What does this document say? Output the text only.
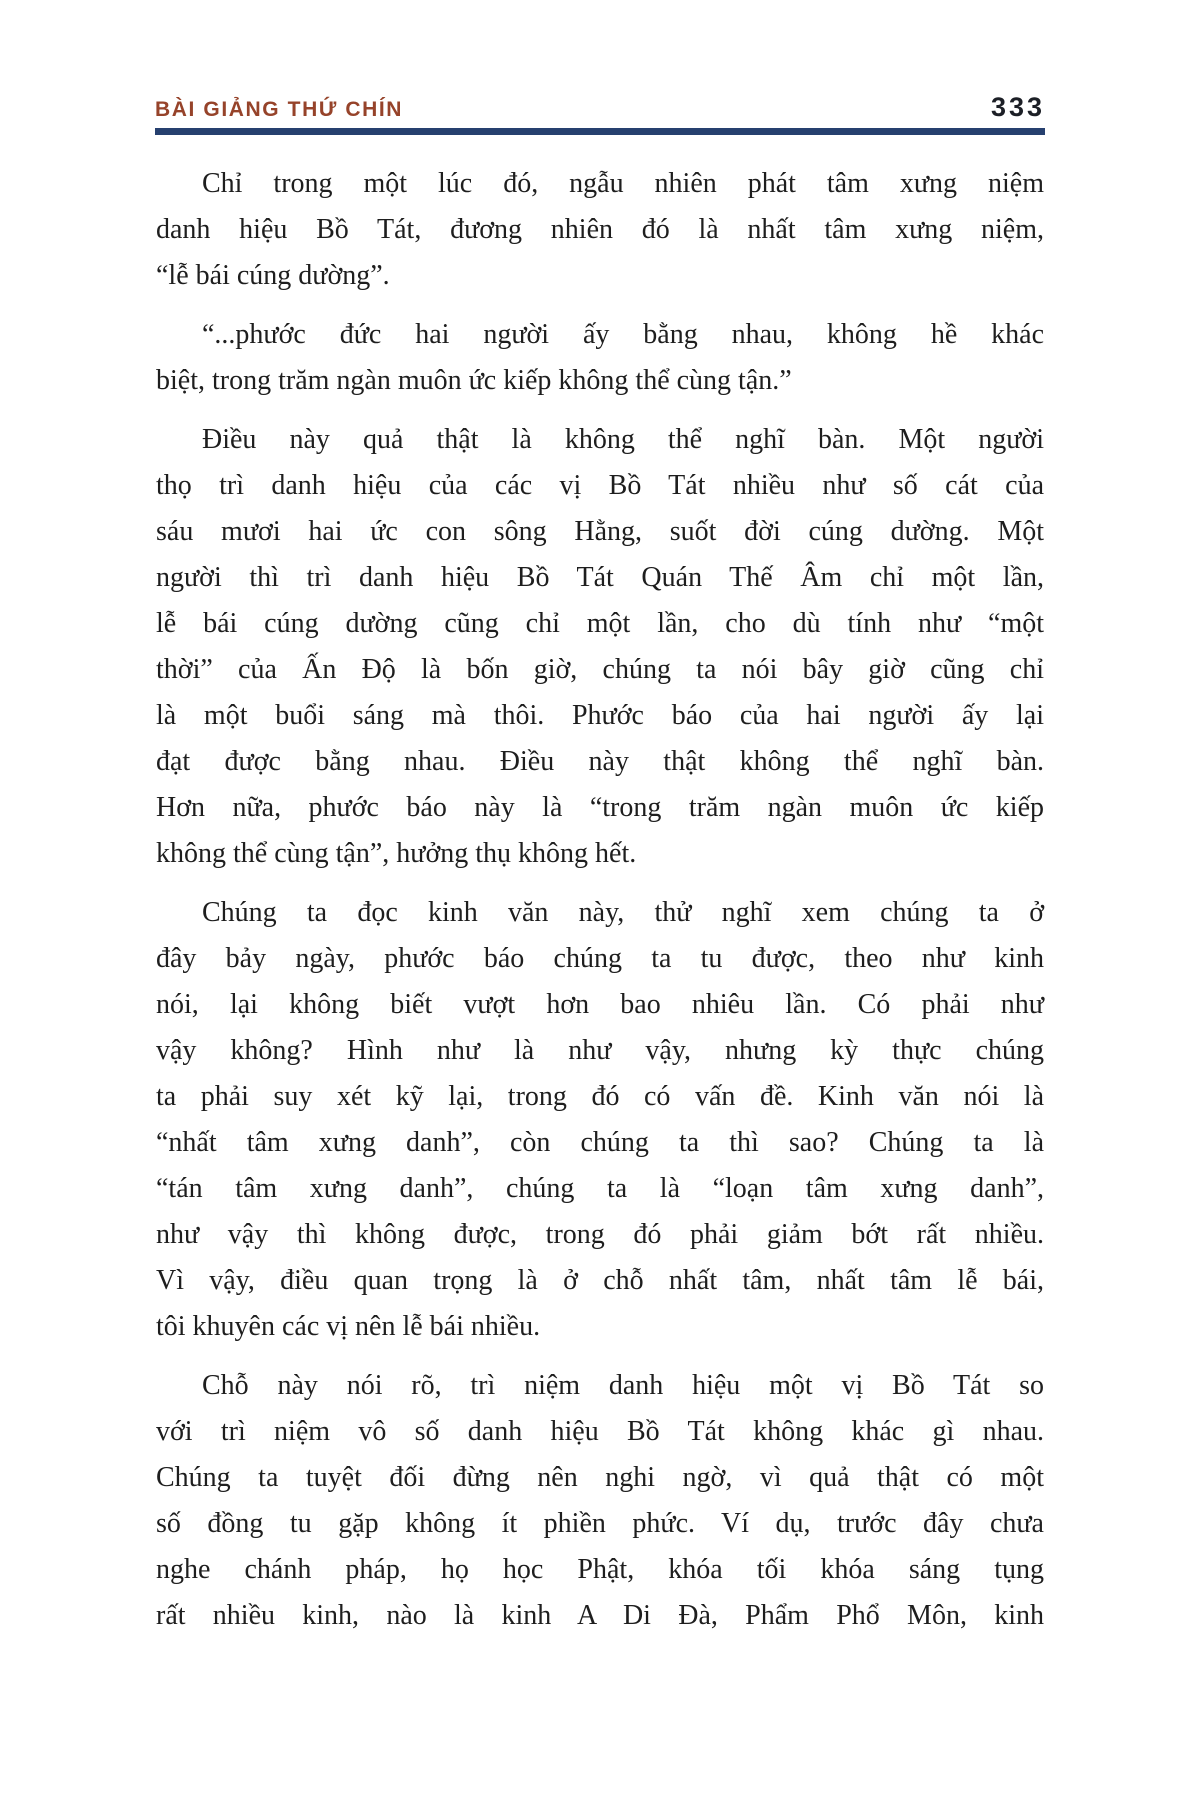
BÀI GIẢNG THỨ CHÍN	333
Chỉ trong một lúc đó, ngẫu nhiên phát tâm xưng niệm
danh hiệu Bồ Tát, đương nhiên đó là nhất tâm xưng niệm,
“lễ bái cúng dường”.
“...phước đức hai người ấy bằng nhau, không hề khác
biệt, trong trăm ngàn muôn ức kiếp không thể cùng tận.”
Điều này quả thật là không thể nghĩ bàn. Một người
thọ trì danh hiệu của các vị Bồ Tát nhiều như số cát của
sáu mươi hai ức con sông Hằng, suốt đời cúng dường. Một
người thì trì danh hiệu Bồ Tát Quán Thế Âm chỉ một lần,
lễ bái cúng dường cũng chỉ một lần, cho dù tính như “một
thời” của Ấn Độ là bốn giờ, chúng ta nói bây giờ cũng chỉ
là một buổi sáng mà thôi. Phước báo của hai người ấy lại
đạt được bằng nhau. Điều này thật không thể nghĩ bàn.
Hơn nữa, phước báo này là “trong trăm ngàn muôn ức kiếp
không thể cùng tận”, hưởng thụ không hết.
Chúng ta đọc kinh văn này, thử nghĩ xem chúng ta ở
đây bảy ngày, phước báo chúng ta tu được, theo như kinh
nói, lại không biết vượt hơn bao nhiêu lần. Có phải như
vậy không? Hình như là như vậy, nhưng kỳ thực chúng
ta phải suy xét kỹ lại, trong đó có vấn đề. Kinh văn nói là
“nhất tâm xưng danh”, còn chúng ta thì sao? Chúng ta là
“tán tâm xưng danh”, chúng ta là “loạn tâm xưng danh”,
như vậy thì không được, trong đó phải giảm bớt rất nhiều.
Vì vậy, điều quan trọng là ở chỗ nhất tâm, nhất tâm lễ bái,
tôi khuyên các vị nên lễ bái nhiều.
Chỗ này nói rõ, trì niệm danh hiệu một vị Bồ Tát so
với trì niệm vô số danh hiệu Bồ Tát không khác gì nhau.
Chúng ta tuyệt đối đừng nên nghi ngờ, vì quả thật có một
số đồng tu gặp không ít phiền phức. Ví dụ, trước đây chưa
nghe chánh pháp, họ học Phật, khóa tối khóa sáng tụng
rất nhiều kinh, nào là kinh A Di Đà, Phẩm Phổ Môn, kinh
